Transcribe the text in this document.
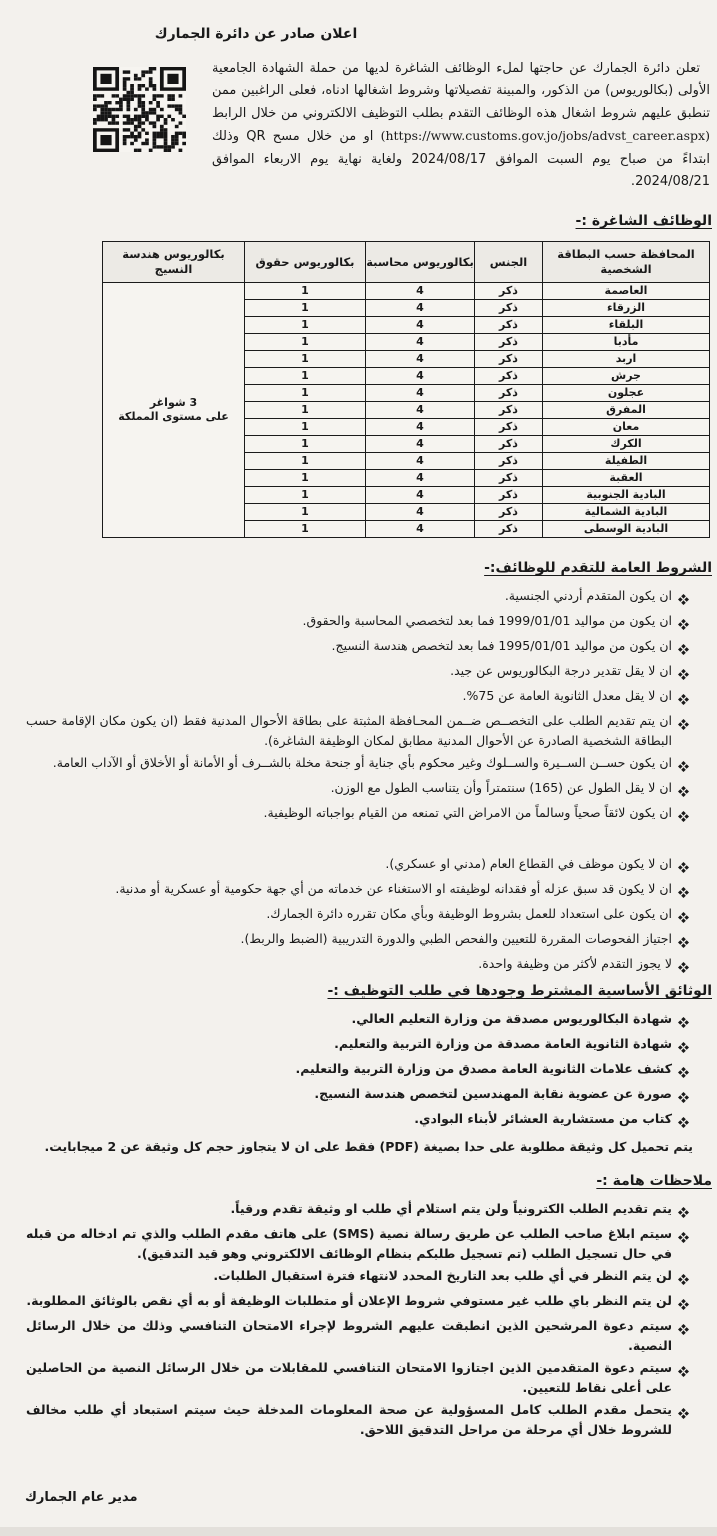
اعلان صادر عن دائرة الجمارك

تعلن دائرة الجمارك عن حاجتها لملء الوظائف الشاغرة لديها من حملة الشهادة الجامعية الأولى (بكالوريوس) من الذكور، والمبينة تفصيلاتها وشروط اشغالها ادناه، فعلى الراغبين ممن تنطبق عليهم شروط اشغال هذه الوظائف التقدم بطلب التوظيف الالكتروني من خلال الرابط (https://www.customs.gov.jo/jobs/advst_career.aspx) او من خلال مسح QR وذلك ابتداءً من صباح يوم السبت الموافق 2024/08/17 ولغاية نهاية يوم الاربعاء الموافق 2024/08/21.

الوظائف الشاغرة :-
المحافظة حسب البطاقة الشخصية	الجنس	بكالوريوس محاسبة	بكالوريوس حقوق	بكالوريوس هندسة النسيج
العاصمة	ذكر	4	1	3 شواغر
على مستوى المملكة

الزرقاء	ذكر	4	1	
البلقاء	ذكر	4	1	
مأدبا	ذكر	4	1	
اربد	ذكر	4	1	
جرش	ذكر	4	1	
عجلون	ذكر	4	1	
المفرق	ذكر	4	1	
معان	ذكر	4	1	
الكرك	ذكر	4	1	
الطفيلة	ذكر	4	1	
العقبة	ذكر	4	1	
البادية الجنوبية	ذكر	4	1	
البادية الشمالية	ذكر	4	1	
البادية الوسطى	ذكر	4	1	
الشروط العامة للتقدم للوظائف:-
ان يكون المتقدم أردني الجنسية.
ان يكون من مواليد 1999/01/01 فما بعد لتخصصي المحاسبة والحقوق.
ان يكون من مواليد 1995/01/01 فما بعد لتخصص هندسة النسيج.
ان لا يقل تقدير درجة البكالوريوس عن جيد.
ان لا يقل معدل الثانوية العامة عن 75%.
ان يتم تقديم الطلب على التخصــص ضــمن المحـافظة المثبتة على بطاقة الأحوال المدنية فقط (ان يكون مكان الإقامة حسب البطاقة الشخصية الصادرة عن الأحوال المدنية مطابق لمكان الوظيفة الشاغرة).
ان يكون حســن الســيرة والســلوك وغير محكوم بأي جناية أو جنحة مخلة بالشــرف أو الأمانة أو الأخلاق أو الآداب العامة.
ان لا يقل الطول عن (165) سنتمتراً وأن يتناسب الطول مع الوزن.
ان يكون لائقاً صحياً وسالماً من الامراض التي تمنعه من القيام بواجباته الوظيفية.
ان لا يكون موظف في القطاع العام (مدني او عسكري).
ان لا يكون قد سبق عزله أو فقدانه لوظيفته او الاستغناء عن خدماته من أي جهة حكومية أو عسكرية أو مدنية.
ان يكون على استعداد للعمل بشروط الوظيفة وبأي مكان تقرره دائرة الجمارك.
اجتياز الفحوصات المقررة للتعيين والفحص الطبي والدورة التدريبية (الضبط والربط).
لا يجوز التقدم لأكثر من وظيفة واحدة.
الوثائق الأساسية المشترط وجودها في طلب التوظيف :-
شهادة البكالوريوس مصدقة من وزارة التعليم العالي.
شهادة الثانوية العامة مصدقة من وزارة التربية والتعليم.
كشف علامات الثانوية العامة مصدق من وزارة التربية والتعليم.
صورة عن عضوية نقابة المهندسين لتخصص هندسة النسيج.
كتاب من مستشارية العشائر لأبناء البوادي.

يتم تحميل كل وثيقة مطلوبة على حدا بصيغة (PDF) فقط على ان لا يتجاوز حجم كل وثيقة عن 2 ميجابايت.

ملاحظات هامة :-
يتم تقديم الطلب الكترونياً ولن يتم استلام أي طلب او وثيقة تقدم ورقياً.
سيتم ابلاغ صاحب الطلب عن طريق رسالة نصية (SMS) على هاتف مقدم الطلب والذي تم ادخاله من قبله في حال تسجيل الطلب (تم تسجيل طلبكم بنظام الوظائف الالكتروني وهو قيد التدقيق).
لن يتم النظر في أي طلب بعد التاريخ المحدد لانتهاء فترة استقبال الطلبات.
لن يتم النظر باي طلب غير مستوفي شروط الإعلان أو متطلبات الوظيفة أو به أي نقص بالوثائق المطلوبة.
سيتم دعوة المرشحين الذين انطبقت عليهم الشروط لإجراء الامتحان التنافسي وذلك من خلال الرسائل النصية.
سيتم دعوة المتقدمين الذين اجتازوا الامتحان التنافسي للمقابلات من خلال الرسائل النصية من الحاصلين على أعلى نقاط للتعيين.
يتحمل مقدم الطلب كامل المسؤولية عن صحة المعلومات المدخلة حيث سيتم استبعاد أي طلب مخالف للشروط خلال أي مرحلة من مراحل التدقيق اللاحق.
مدير عام الجمارك
